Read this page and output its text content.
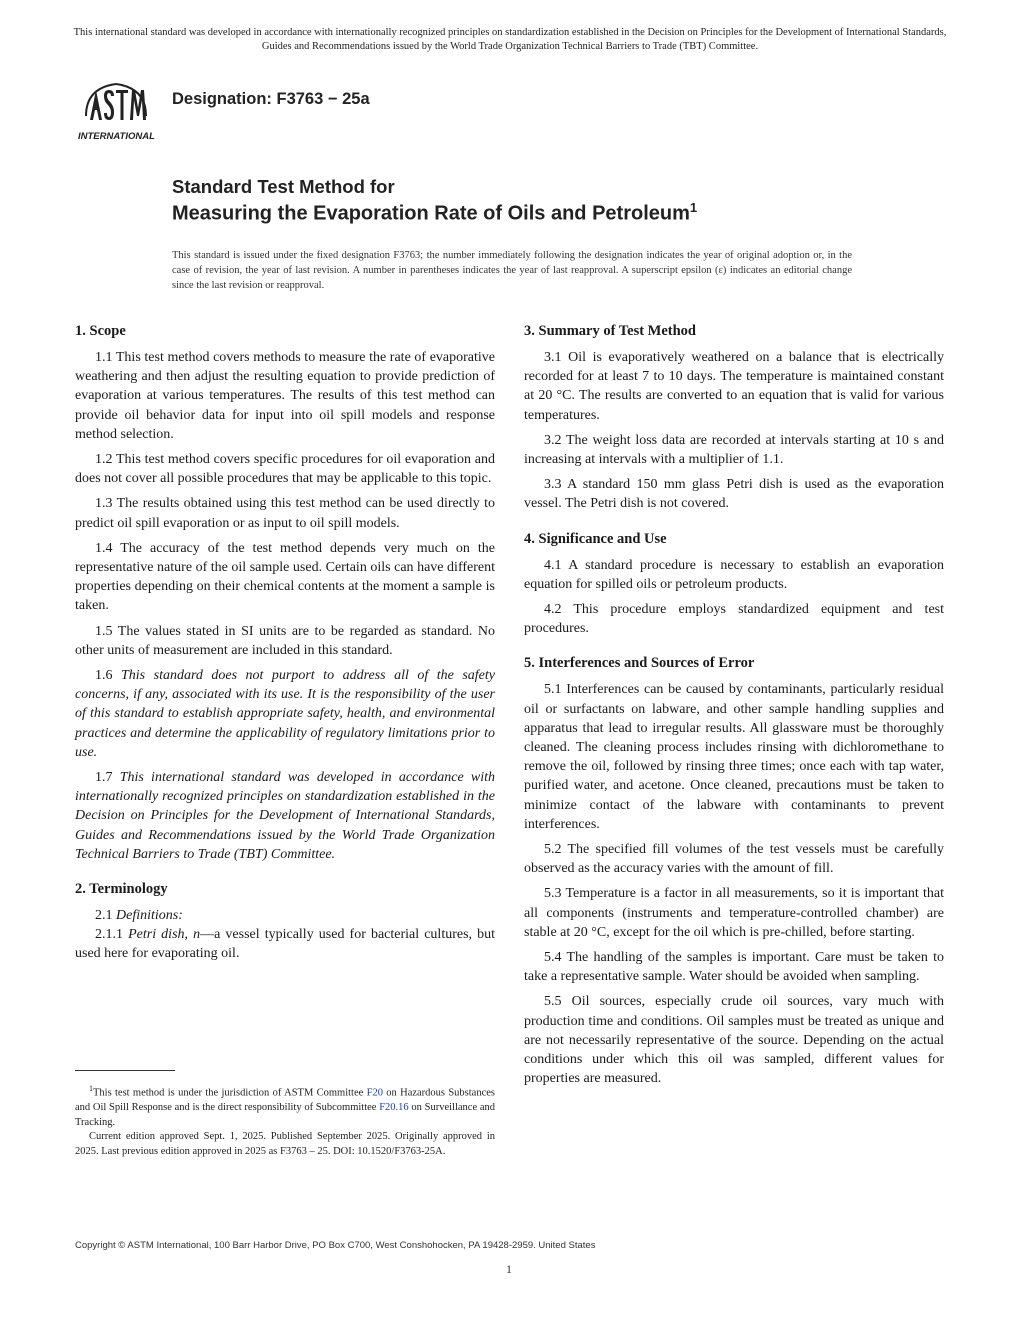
This international standard was developed in accordance with internationally recognized principles on standardization established in the Decision on Principles for the Development of International Standards, Guides and Recommendations issued by the World Trade Organization Technical Barriers to Trade (TBT) Committee.
INTERNATIONAL
Designation: F3763 − 25a
Standard Test Method for
Measuring the Evaporation Rate of Oils and Petroleum$^1$
This standard is issued under the fixed designation F3763; the number immediately following the designation indicates the year of original adoption or, in the case of revision, the year of last revision. A number in parentheses indicates the year of last reapproval. A superscript epsilon (ε) indicates an editorial change since the last revision or reapproval.
1. Scope

1.1 This test method covers methods to measure the rate of evaporative weathering and then adjust the resulting equation to provide prediction of evaporation at various temperatures. The results of this test method can provide oil behavior data for input into oil spill models and response method selection.

1.2 This test method covers specific procedures for oil evaporation and does not cover all possible procedures that may be applicable to this topic.

1.3 The results obtained using this test method can be used directly to predict oil spill evaporation or as input to oil spill models.

1.4 The accuracy of the test method depends very much on the representative nature of the oil sample used. Certain oils can have different properties depending on their chemical contents at the moment a sample is taken.

1.5 The values stated in SI units are to be regarded as standard. No other units of measurement are included in this standard.

1.6 This standard does not purport to address all of the safety concerns, if any, associated with its use. It is the responsibility of the user of this standard to establish appropriate safety, health, and environmental practices and determine the applicability of regulatory limitations prior to use.

1.7 This international standard was developed in accordance with internationally recognized principles on standardization established in the Decision on Principles for the Development of International Standards, Guides and Recommendations issued by the World Trade Organization Technical Barriers to Trade (TBT) Committee.

2. Terminology

2.1 Definitions:

2.1.1 Petri dish, n—a vessel typically used for bacterial cultures, but used here for evaporating oil.

3. Summary of Test Method

3.1 Oil is evaporatively weathered on a balance that is electrically recorded for at least 7 to 10 days. The temperature is maintained constant at 20 °C. The results are converted to an equation that is valid for various temperatures.

3.2 The weight loss data are recorded at intervals starting at 10 s and increasing at intervals with a multiplier of 1.1.

3.3 A standard 150 mm glass Petri dish is used as the evaporation vessel. The Petri dish is not covered.

4. Significance and Use

4.1 A standard procedure is necessary to establish an evaporation equation for spilled oils or petroleum products.

4.2 This procedure employs standardized equipment and test procedures.

5. Interferences and Sources of Error

5.1 Interferences can be caused by contaminants, particularly residual oil or surfactants on labware, and other sample handling supplies and apparatus that lead to irregular results. All glassware must be thoroughly cleaned. The cleaning process includes rinsing with dichloromethane to remove the oil, followed by rinsing three times; once each with tap water, purified water, and acetone. Once cleaned, precautions must be taken to minimize contact of the labware with contaminants to prevent interferences.

5.2 The specified fill volumes of the test vessels must be carefully observed as the accuracy varies with the amount of fill.

5.3 Temperature is a factor in all measurements, so it is important that all components (instruments and temperature-controlled chamber) are stable at 20 °C, except for the oil which is pre-chilled, before starting.

5.4 The handling of the samples is important. Care must be taken to take a representative sample. Water should be avoided when sampling.

5.5 Oil sources, especially crude oil sources, vary much with production time and conditions. Oil samples must be treated as unique and are not necessarily representative of the source. Depending on the actual conditions under which this oil was sampled, different values for properties are measured.

$^1$This test method is under the jurisdiction of ASTM Committee F20 on Hazardous Substances and Oil Spill Response and is the direct responsibility of Subcommittee F20.16 on Surveillance and Tracking.

Current edition approved Sept. 1, 2025. Published September 2025. Originally approved in 2025. Last previous edition approved in 2025 as F3763 – 25. DOI: 10.1520/F3763-25A.

Copyright © ASTM International, 100 Barr Harbor Drive, PO Box C700, West Conshohocken, PA 19428-2959. United States
1
